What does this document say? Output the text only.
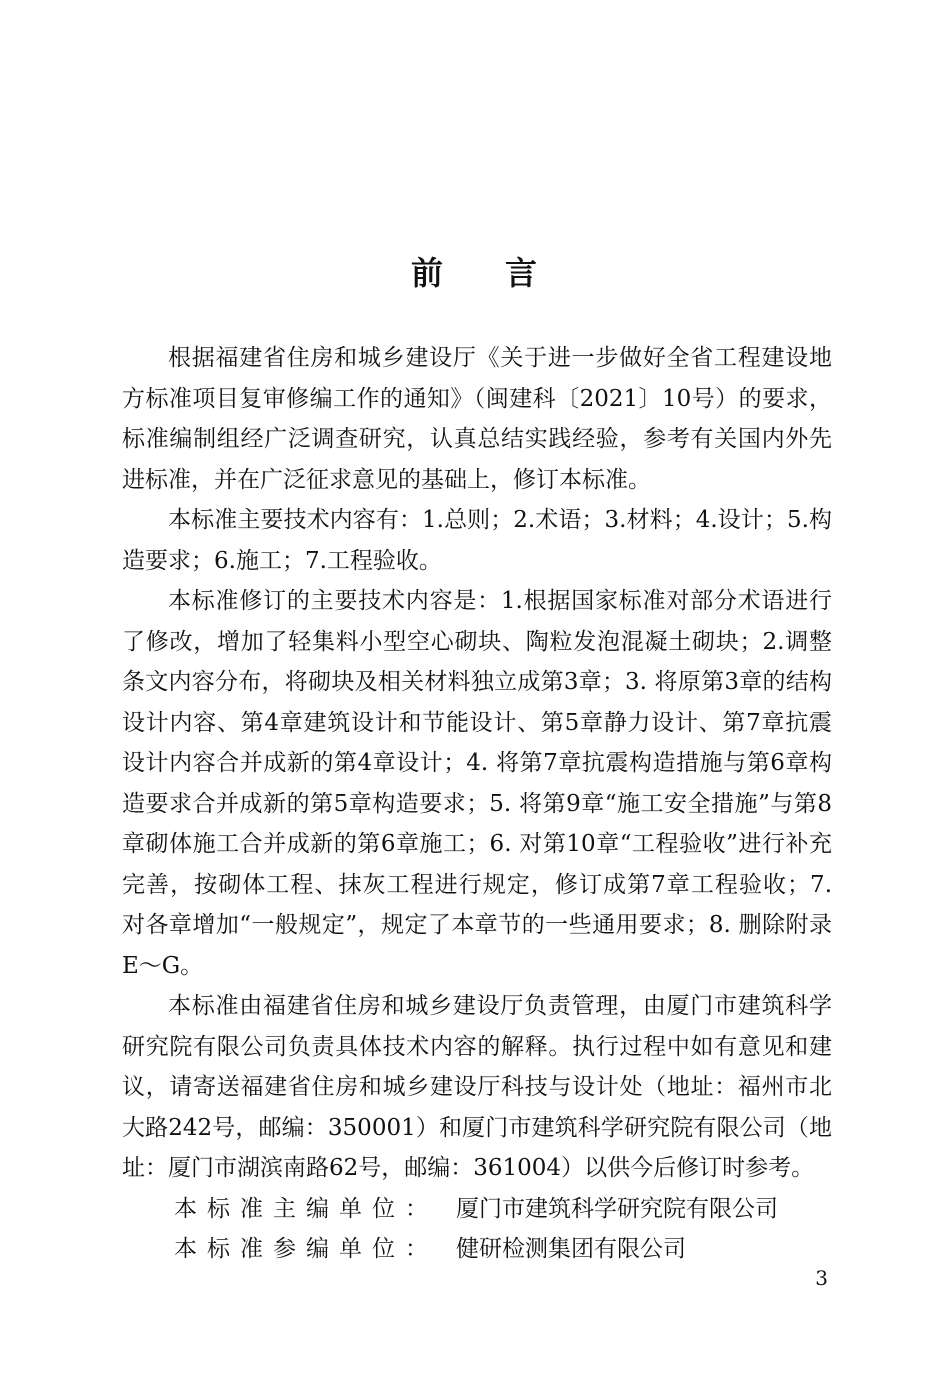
前 言

根据福建省住房和城乡建设厅《关于进一步做好全省工程建设地方标准项目复审修编工作的通知》（闽建科〔2021〕10号）的要求，标准编制组经广泛调查研究，认真总结实践经验，参考有关国内外先进标准，并在广泛征求意见的基础上，修订本标准。

本标准主要技术内容有：1.总则；2.术语；3.材料；4.设计；5.构造要求；6.施工；7.工程验收。

本标准修订的主要技术内容是：1.根据国家标准对部分术语进行了修改，增加了轻集料小型空心砌块、陶粒发泡混凝土砌块；2.调整条文内容分布，将砌块及相关材料独立成第3章；3. 将原第3章的结构设计内容、第4章建筑设计和节能设计、第5章静力设计、第7章抗震设计内容合并成新的第4章设计；4. 将第7章抗震构造措施与第6章构造要求合并成新的第5章构造要求；5. 将第9章“施工安全措施”与第8章砌体施工合并成新的第6章施工；6. 对第10章“工程验收”进行补充完善，按砌体工程、抹灰工程进行规定，修订成第7章工程验收；7. 对各章增加“一般规定”，规定了本章节的一些通用要求；8. 删除附录E～G。

本标准由福建省住房和城乡建设厅负责管理，由厦门市建筑科学研究院有限公司负责具体技术内容的解释。执行过程中如有意见和建议，请寄送福建省住房和城乡建设厅科技与设计处（地址：福州市北大路242号，邮编：350001）和厦门市建筑科学研究院有限公司（地址：厦门市湖滨南路62号，邮编：361004）以供今后修订时参考。

本标准主编单位： 厦门市建筑科学研究院有限公司
本标准参编单位： 健研检测集团有限公司
3
